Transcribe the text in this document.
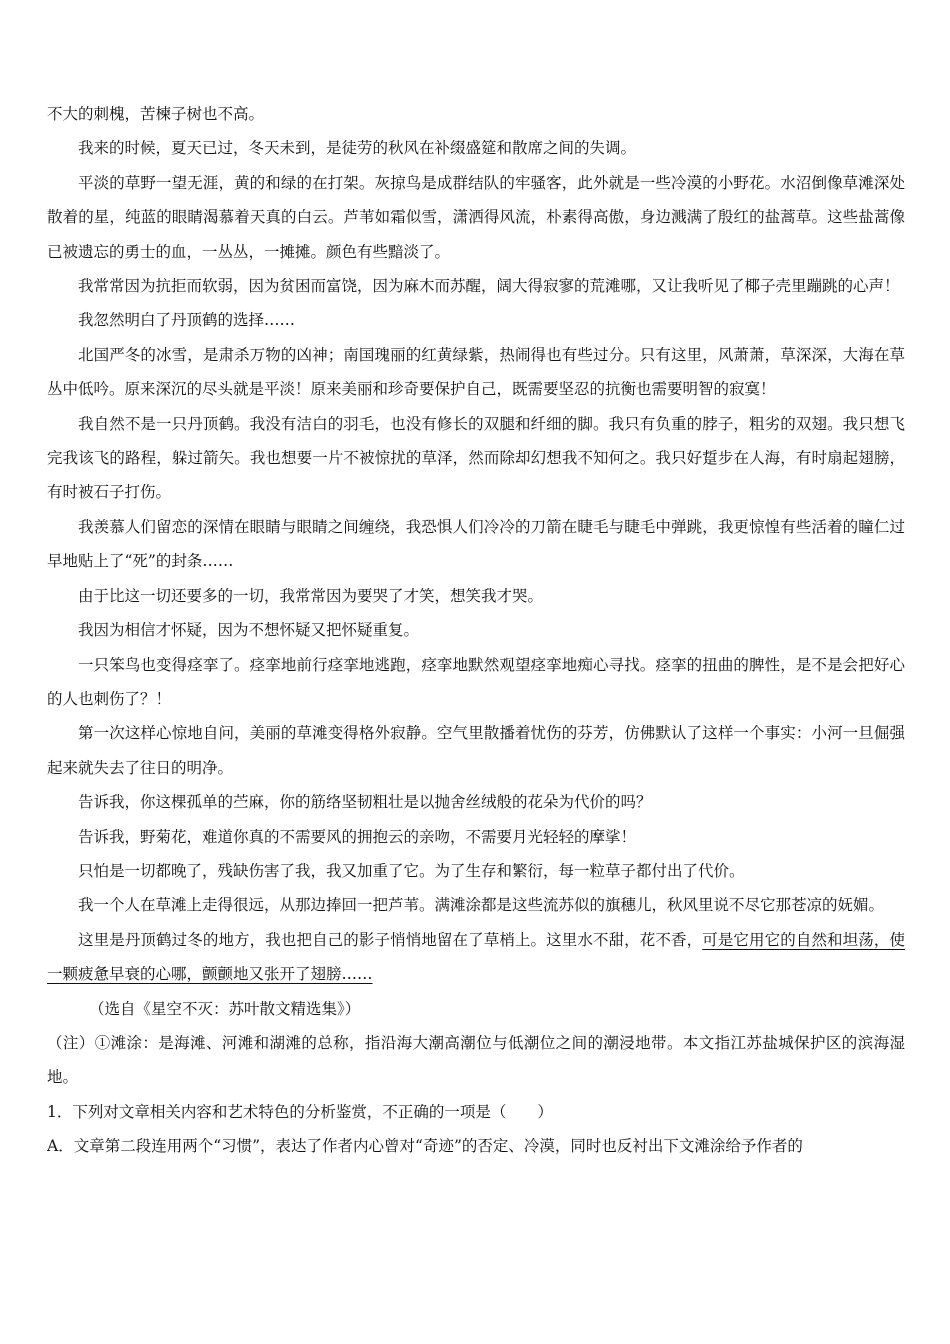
不大的刺槐，苦楝子树也不高。

我来的时候，夏天已过，冬天未到，是徒劳的秋风在补缀盛筵和散席之间的失调。

平淡的草野一望无涯，黄的和绿的在打架。灰掠鸟是成群结队的牢骚客，此外就是一些冷漠的小野花。水沼倒像草滩深处散着的星，纯蓝的眼睛渴慕着天真的白云。芦苇如霜似雪，潇洒得风流，朴素得高傲，身边溅满了殷红的盐蒿草。这些盐蒿像已被遗忘的勇士的血，一丛丛，一摊摊。颜色有些黯淡了。

我常常因为抗拒而软弱，因为贫困而富饶，因为麻木而苏醒，阔大得寂寥的荒滩哪，又让我听见了椰子壳里蹦跳的心声！

我忽然明白了丹顶鹤的选择……

北国严冬的冰雪，是肃杀万物的凶神；南国瑰丽的红黄绿紫，热闹得也有些过分。只有这里，风萧萧，草深深，大海在草丛中低吟。原来深沉的尽头就是平淡！原来美丽和珍奇要保护自己，既需要坚忍的抗衡也需要明智的寂寞！

我自然不是一只丹顶鹤。我没有洁白的羽毛，也没有修长的双腿和纤细的脚。我只有负重的脖子，粗劣的双翅。我只想飞完我该飞的路程，躲过箭矢。我也想要一片不被惊扰的草泽，然而除却幻想我不知何之。我只好踅步在人海，有时扇起翅膀，有时被石子打伤。

我羡慕人们留恋的深情在眼睛与眼睛之间缠绕，我恐惧人们冷冷的刀箭在睫毛与睫毛中弹跳，我更惊惶有些活着的瞳仁过早地贴上了“死”的封条……

由于比这一切还要多的一切，我常常因为要哭了才笑，想笑我才哭。

我因为相信才怀疑，因为不想怀疑又把怀疑重复。

一只笨鸟也变得痉挛了。痉挛地前行痉挛地逃跑，痉挛地默然观望痉挛地痴心寻找。痉挛的扭曲的脾性，是不是会把好心的人也刺伤了？！

第一次这样心惊地自问，美丽的草滩变得格外寂静。空气里散播着忧伤的芬芳，仿佛默认了这样一个事实：小河一旦倔强起来就失去了往日的明净。

告诉我，你这棵孤单的苎麻，你的筋络坚韧粗壮是以抛舍丝绒般的花朵为代价的吗？

告诉我，野菊花，难道你真的不需要风的拥抱云的亲吻，不需要月光轻轻的摩挲！

只怕是一切都晚了，残缺伤害了我，我又加重了它。为了生存和繁衍，每一粒草子都付出了代价。

我一个人在草滩上走得很远，从那边捧回一把芦苇。满滩涂都是这些流苏似的旗穗儿，秋风里说不尽它那苍凉的妩媚。

这里是丹顶鹤过冬的地方，我也把自己的影子悄悄地留在了草梢上。这里水不甜，花不香，可是它用它的自然和坦荡，使一颗疲惫早衰的心哪，颤颤地又张开了翅膀……

（选自《星空不灭：苏叶散文精选集》）

（注）①滩涂：是海滩、河滩和湖滩的总称，指沿海大潮高潮位与低潮位之间的潮浸地带。本文指江苏盐城保护区的滨海湿地。

1．下列对文章相关内容和艺术特色的分析鉴赏，不正确的一项是（　　）

A．文章第二段连用两个“习惯”，表达了作者内心曾对“奇迹”的否定、冷漠，同时也反衬出下文滩涂给予作者的
